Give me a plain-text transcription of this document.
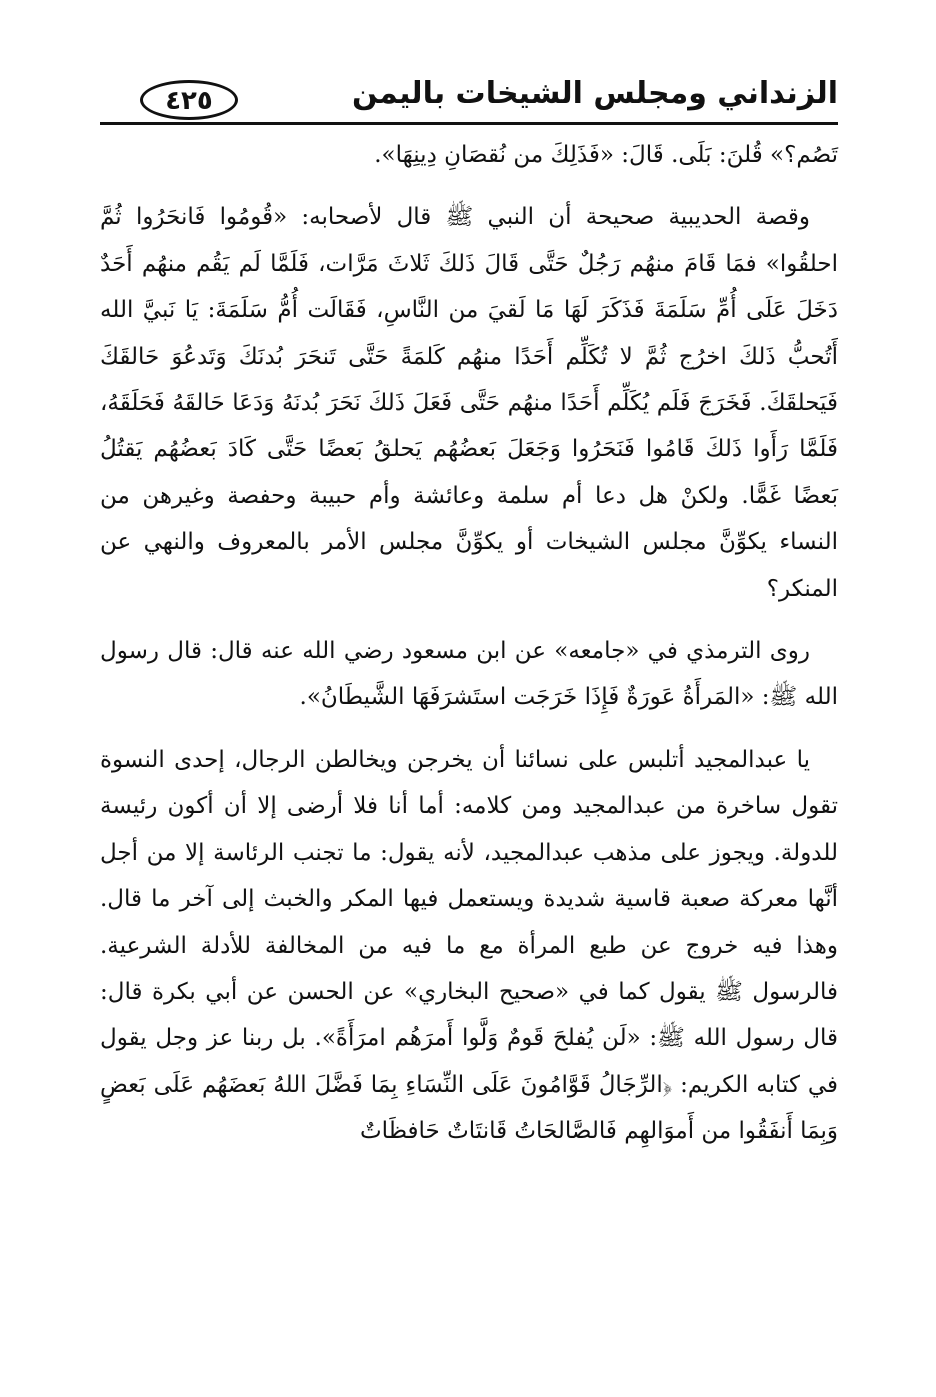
الزنداني ومجلس الشيخات باليمن
٤٢٥

تَصُم؟» قُلنَ: بَلَى. قَالَ: «فَذَلِكَ من نُقصَانِ دِينِهَا».

وقصة الحديبية صحيحة أن النبي ﷺ قال لأصحابه: «قُومُوا فَانحَرُوا ثُمَّ احلقُوا» فمَا قَامَ منهُم رَجُلٌ حَتَّى قَالَ ذَلكَ ثَلاثَ مَرَّات، فَلَمَّا لَم يَقُم منهُم أَحَدٌ دَخَلَ عَلَى أُمِّ سَلَمَةَ فَذَكَرَ لَهَا مَا لَقيَ من النَّاسِ، فَقَالَت أُمُّ سَلَمَةَ: يَا نَبيَّ الله أَتُحبُّ ذَلكَ اخرُج ثُمَّ لا تُكَلِّم أَحَدًا منهُم كَلمَةً حَتَّى تَنحَرَ بُدنَكَ وَتَدعُوَ حَالقَكَ فَيَحلقَكَ. فَخَرَجَ فَلَم يُكَلِّم أَحَدًا منهُم حَتَّى فَعَلَ ذَلكَ نَحَرَ بُدنَهُ وَدَعَا حَالقَهُ فَحَلَقَهُ، فَلَمَّا رَأَوا ذَلكَ قَامُوا فَنَحَرُوا وَجَعَلَ بَعضُهُم يَحلقُ بَعضًا حَتَّى كَادَ بَعضُهُم يَقتُلُ بَعضًا غَمًّا. ولكنْ هل دعا أم سلمة وعائشة وأم حبيبة وحفصة وغيرهن من النساء يكوِّنَّ مجلس الشيخات أو يكوِّنَّ مجلس الأمر بالمعروف والنهي عن المنكر؟

روى الترمذي في «جامعه» عن ابن مسعود رضي الله عنه قال: قال رسول الله ﷺ: «المَرأَةُ عَورَةٌ فَإِذَا خَرَجَت استَشرَفَهَا الشَّيطَانُ».

يا عبدالمجيد أتلبس على نسائنا أن يخرجن ويخالطن الرجال، إحدى النسوة تقول ساخرة من عبدالمجيد ومن كلامه: أما أنا فلا أرضى إلا أن أكون رئيسة للدولة. ويجوز على مذهب عبدالمجيد، لأنه يقول: ما تجنب الرئاسة إلا من أجل أنَّها معركة صعبة قاسية شديدة ويستعمل فيها المكر والخبث إلى آخر ما قال. وهذا فيه خروج عن طبع المرأة مع ما فيه من المخالفة للأدلة الشرعية. فالرسول ﷺ يقول كما في «صحيح البخاري» عن الحسن عن أبي بكرة قال: قال رسول الله ﷺ: «لَن يُفلحَ قَومٌ وَلَّوا أَمرَهُم امرَأَةً». بل ربنا عز وجل يقول في كتابه الكريم: ﴿الرِّجَالُ قَوَّامُونَ عَلَى النِّسَاءِ بِمَا فَضَّلَ اللهُ بَعضَهُم عَلَى بَعضٍ وَبِمَا أَنفَقُوا من أَموَالهِم فَالصَّالحَاتُ قَانتَاتٌ حَافظَاتٌ
